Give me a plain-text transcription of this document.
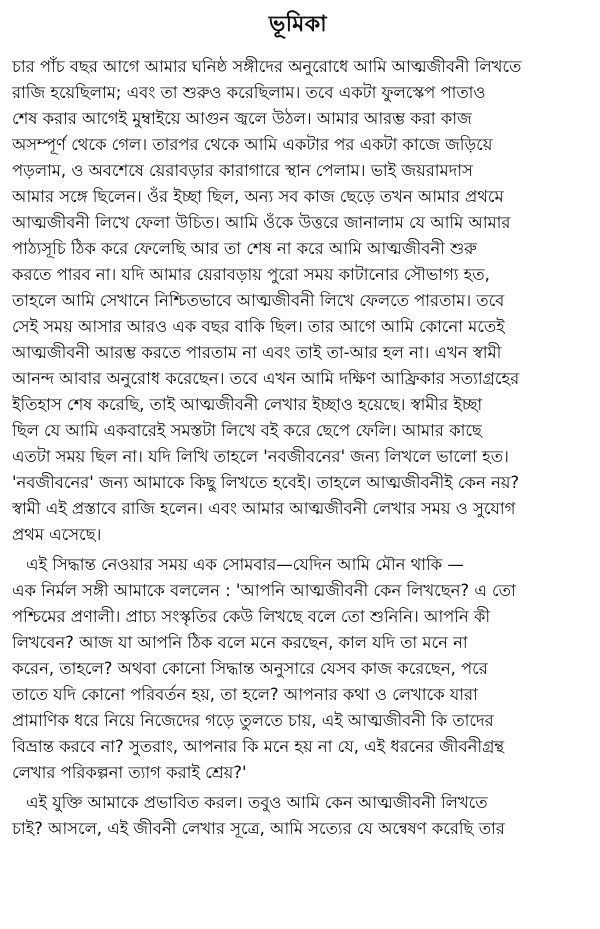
ভূমিকা

চার পাঁচ বছর আগে আমার ঘনিষ্ঠ সঙ্গীদের অনুরোধে আমি আত্মজীবনী লিখতে
রাজি হয়েছিলাম; এবং তা শুরুও করেছিলাম। তবে একটা ফুলস্কেপ পাতাও
শেষ করার আগেই মুম্বাইয়ে আগুন জ্বলে উঠল। আমার আরম্ভ করা কাজ
অসম্পূর্ণ থেকে গেল। তারপর থেকে আমি একটার পর একটা কাজে জড়িয়ে
পড়লাম, ও অবশেষে য়েরাবড়ার কারাগারে স্থান পেলাম। ভাই জয়রামদাস
আমার সঙ্গে ছিলেন। ওঁর ইচ্ছা ছিল, অন্য সব কাজ ছেড়ে তখন আমার প্রথমে
আত্মজীবনী লিখে ফেলা উচিত। আমি ওঁকে উত্তরে জানালাম যে আমি আমার
পাঠ্যসূচি ঠিক করে ফেলেছি আর তা শেষ না করে আমি আত্মজীবনী শুরু
করতে পারব না। যদি আমার য়েরাবড়ায় পুরো সময় কাটানোর সৌভাগ্য হত,
তাহলে আমি সেখানে নিশ্চিতভাবে আত্মজীবনী লিখে ফেলতে পারতাম। তবে
সেই সময় আসার আরও এক বছর বাকি ছিল। তার আগে আমি কোনো মতেই
আত্মজীবনী আরম্ভ করতে পারতাম না এবং তাই তা-আর হল না। এখন স্বামী
আনন্দ আবার অনুরোধ করেছেন। তবে এখন আমি দক্ষিণ আফ্রিকার সত্যাগ্রহের
ইতিহাস শেষ করেছি, তাই আত্মজীবনী লেখার ইচ্ছাও হয়েছে। স্বামীর ইচ্ছা
ছিল যে আমি একবারেই সমস্তটা লিখে বই করে ছেপে ফেলি। আমার কাছে
এতটা সময় ছিল না। যদি লিখি তাহলে 'নবজীবনের' জন্য লিখলে ভালো হত।
'নবজীবনের' জন্য আমাকে কিছু লিখতে হবেই। তাহলে আত্মজীবনীই কেন নয়?
স্বামী এই প্রস্তাবে রাজি হলেন। এবং আমার আত্মজীবনী লেখার সময় ও সুযোগ
প্রথম এসেছে।

এই সিদ্ধান্ত নেওয়ার সময় এক সোমবার—যেদিন আমি মৌন থাকি —
এক নির্মল সঙ্গী আমাকে বললেন : 'আপনি আত্মজীবনী কেন লিখছেন? এ তো
পশ্চিমের প্রণালী। প্রাচ্য সংস্কৃতির কেউ লিখছে বলে তো শুনিনি। আপনি কী
লিখবেন? আজ যা আপনি ঠিক বলে মনে করছেন, কাল যদি তা মনে না
করেন, তাহলে? অথবা কোনো সিদ্ধান্ত অনুসারে যেসব কাজ করেছেন, পরে
তাতে যদি কোনো পরিবর্তন হয়, তা হলে? আপনার কথা ও লেখাকে যারা
প্রামাণিক ধরে নিয়ে নিজেদের গড়ে তুলতে চায়, এই আত্মজীবনী কি তাদের
বিভ্রান্ত করবে না? সুতরাং, আপনার কি মনে হয় না যে, এই ধরনের জীবনীগ্রন্থ
লেখার পরিকল্পনা ত্যাগ করাই শ্রেয়?'

এই যুক্তি আমাকে প্রভাবিত করল। তবুও আমি কেন আত্মজীবনী লিখতে
চাই? আসলে, এই জীবনী লেখার সূত্রে, আমি সত্যের যে অন্বেষণ করেছি তার
